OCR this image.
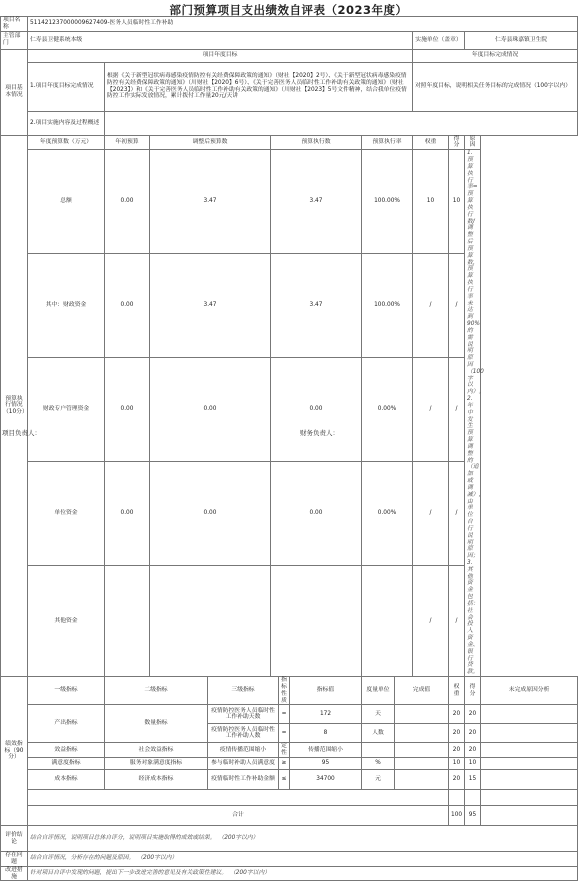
部门预算项目支出绩效自评表（2023年度）
项目名称	511421237000009627409-医务人员临时性工作补助												
主管部门	仁寿县卫健系统本级									实施单位（盖章）		仁寿县珠嘉镇卫生院	
项目基本情况	项目年度目标									年度目标完成情况			
	1.项目年度目标完成情况	根据《关于新型冠状病毒感染疫情防控有关经费保障政策的通知》（财社【2020】2号）、《关于新型冠状病毒感染疫情防控有关经费保障政策的通知》（川财社【2020】6号）、《关于完善医务人员临时性工作补助有关政策的通知》（财社【2023】）和《关于完善医务人员临时性工作补助有关政策的通知》（川财社【2023】5号文件精神，结合我单位疫情防控工作实际发放情况，累计拨付工作量20元/天讲								对照年度目标，说明相关任务目标的完成情况（100字以内）			
	2.项目实施内容及过程概述												
预算执行情况（10分）	年度预算数（万元）	年初预算	调整后预算数		预算执行数			预算执行率		权重	得分	原因	
	总额	0.00	3.47		3.47			100.00%		10	10	1.预算执行率=预算执行数/调整后预算数，预算执行率未达到90%的需说明原因（100字以内）。2.年中发生预算调整的（追加或调减），由单位自行说明原因；3.其他资金包括：社会投入资金、银行贷款。	
	其中：财政资金	0.00	3.47		3.47			100.00%		/	/		
	财政专户管理资金	0.00	0.00		0.00			0.00%		/	/		
	单位资金	0.00	0.00		0.00			0.00%		/	/		
	其他资金									/	/		
绩效指标（90分）	一级指标	二级指标		三级指标		指标性质	指标值	度量单位	完成值		权重	得分	未完成原因分析
	产出指标	数量指标		疫情防控医务人员临时性工作补助天数		=	172	天			20	20	
				疫情防控医务人员临时性工作补助人数		=	8	人数			20	20	
	效益指标	社会效益指标		疫情传播范围缩小		定性	传播范围缩小				20	20	
	满意度指标	服务对象满意度指标		参与临时补助人员满意度		≥	95	%			10	10	
	成本指标	经济成本指标		疫情临时性工作补助金额		≤	34700	元			20	15	

	合计										100	95	
评价结论	结合自评情况，说明项目总体自评分，说明项目实施取得的成效或结果。　（200字以内）												
存在问题	结合自评情况，分析存在的问题及原因。　（200字以内）												
改进措施	针对项目自评中发现的问题，提出下一步改进完善的意见及有关政策性建议。　（200字以内）												
项目负责人：	财务负责人：
